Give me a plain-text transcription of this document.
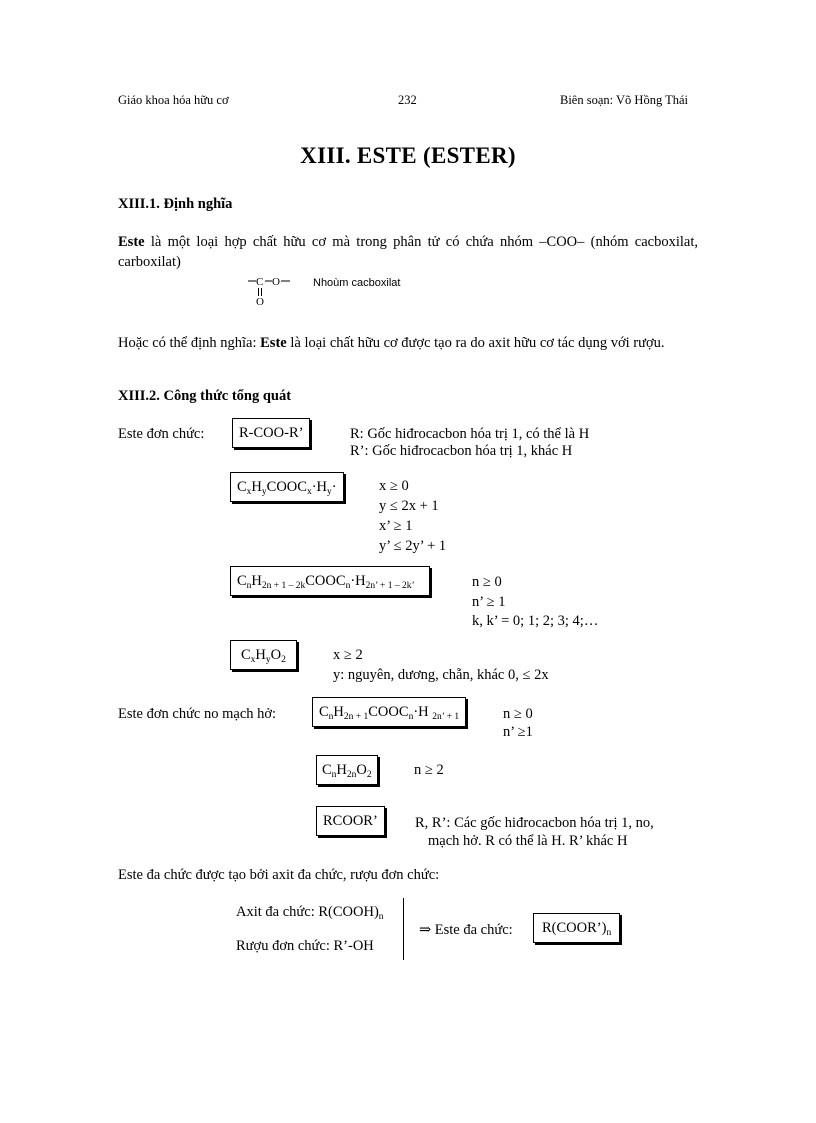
Giáo khoa hóa hữu cơ	232	Biên soạn: Võ Hồng Thái
XIII. ESTE (ESTER)
XIII.1. Định nghĩa
Este là một loại hợp chất hữu cơ mà trong phân tử có chứa nhóm –COO– (nhóm cacboxilat, carboxilat)
C O
O
Nhoùm cacboxilat
Hoặc có thể định nghĩa: Este là loại chất hữu cơ được tạo ra do axit hữu cơ tác dụng với rượu.
XIII.2. Công thức tổng quát
Este đơn chức:	R-COO-R’	R: Gốc hiđrocacbon hóa trị 1, có thể là H
R’: Gốc hiđrocacbon hóa trị 1, khác H
$C_xH_yCOOC_x\cdot H_y\cdot$	x ≥ 0
y ≤ 2x + 1
x’ ≥ 1
y’ ≤ 2y’ + 1
$C_nH_{2n + 1 - 2k}COOC_n\cdot H_{2n’ + 1 - 2k’}$	n ≥ 0
n’ ≥ 1
k, k’ = 0; 1; 2; 3; 4;…
$C_xH_yO_2$	x ≥ 2
y: nguyên, dương, chẵn, khác 0, ≤ 2x
Este đơn chức no mạch hở:	$C_nH_{2n + 1}COOC_n\cdot H$ $_{2n’ + 1}$	n ≥ 0
n’ ≥1
$C_nH_{2n}O_2$	n ≥ 2
RCOOR’	R, R’: Các gốc hiđrocacbon hóa trị 1, no,
mạch hở. R có thể là H. R’ khác H
Este đa chức được tạo bởi axit đa chức, rượu đơn chức:
Axit đa chức: $R(COOH)_n$
Rượu đơn chức: R’-OH
⇒ Este đa chức:	$R(COOR’)_n$
